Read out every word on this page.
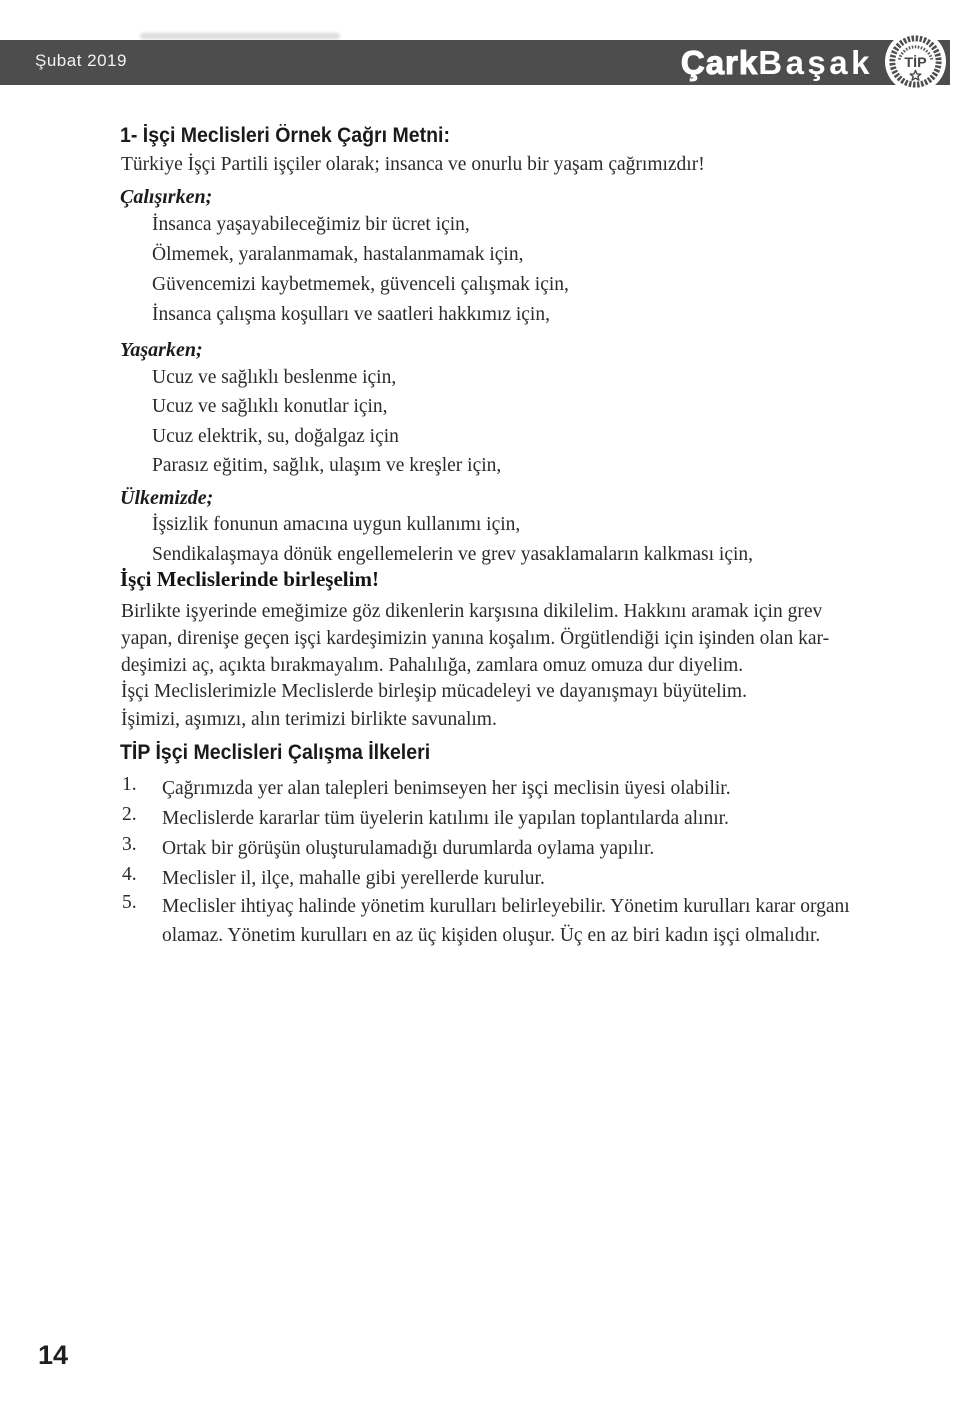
Şubat 2019	ÇarkBaşak TİP
1- İşçi Meclisleri Örnek Çağrı Metni:
Türkiye İşçi Partili işçiler olarak; insanca ve onurlu bir yaşam çağrımızdır!
Çalışırken;
İnsanca yaşayabileceğimiz bir ücret için,
Ölmemek, yaralanmamak, hastalanmamak için,
Güvencemizi kaybetmemek, güvenceli çalışmak için,
İnsanca çalışma koşulları ve saatleri hakkımız için,
Yaşarken;
Ucuz ve sağlıklı beslenme için,
Ucuz ve sağlıklı konutlar için,
Ucuz elektrik, su, doğalgaz için
Parasız eğitim, sağlık, ulaşım ve kreşler için,
Ülkemizde;
İşsizlik fonunun amacına uygun kullanımı için,
Sendikalaşmaya dönük engellemelerin ve grev yasaklamaların kalkması için,
İşçi Meclislerinde birleşelim!
Birlikte işyerinde emeğimize göz dikenlerin karşısına dikilelim. Hakkını aramak için grev
yapan, direnişe geçen işçi kardeşimizin yanına koşalım. Örgütlendiği için işinden olan kar-
deşimizi aç, açıkta bırakmayalım. Pahalılığa, zamlara omuz omuza dur diyelim.
İşçi Meclislerimizle Meclislerde birleşip mücadeleyi ve dayanışmayı büyütelim.
İşimizi, aşımızı, alın terimizi birlikte savunalım.
TİP İşçi Meclisleri Çalışma İlkeleri
1.	Çağrımızda yer alan talepleri benimseyen her işçi meclisin üyesi olabilir.
2.	Meclislerde kararlar tüm üyelerin katılımı ile yapılan toplantılarda alınır.
3.	Ortak bir görüşün oluşturulamadığı durumlarda oylama yapılır.
4.	Meclisler il, ilçe, mahalle gibi yerellerde kurulur.
5.	Meclisler ihtiyaç halinde yönetim kurulları belirleyebilir. Yönetim kurulları karar organı
olamaz. Yönetim kurulları en az üç kişiden oluşur. Üç en az biri kadın işçi olmalıdır.
14
